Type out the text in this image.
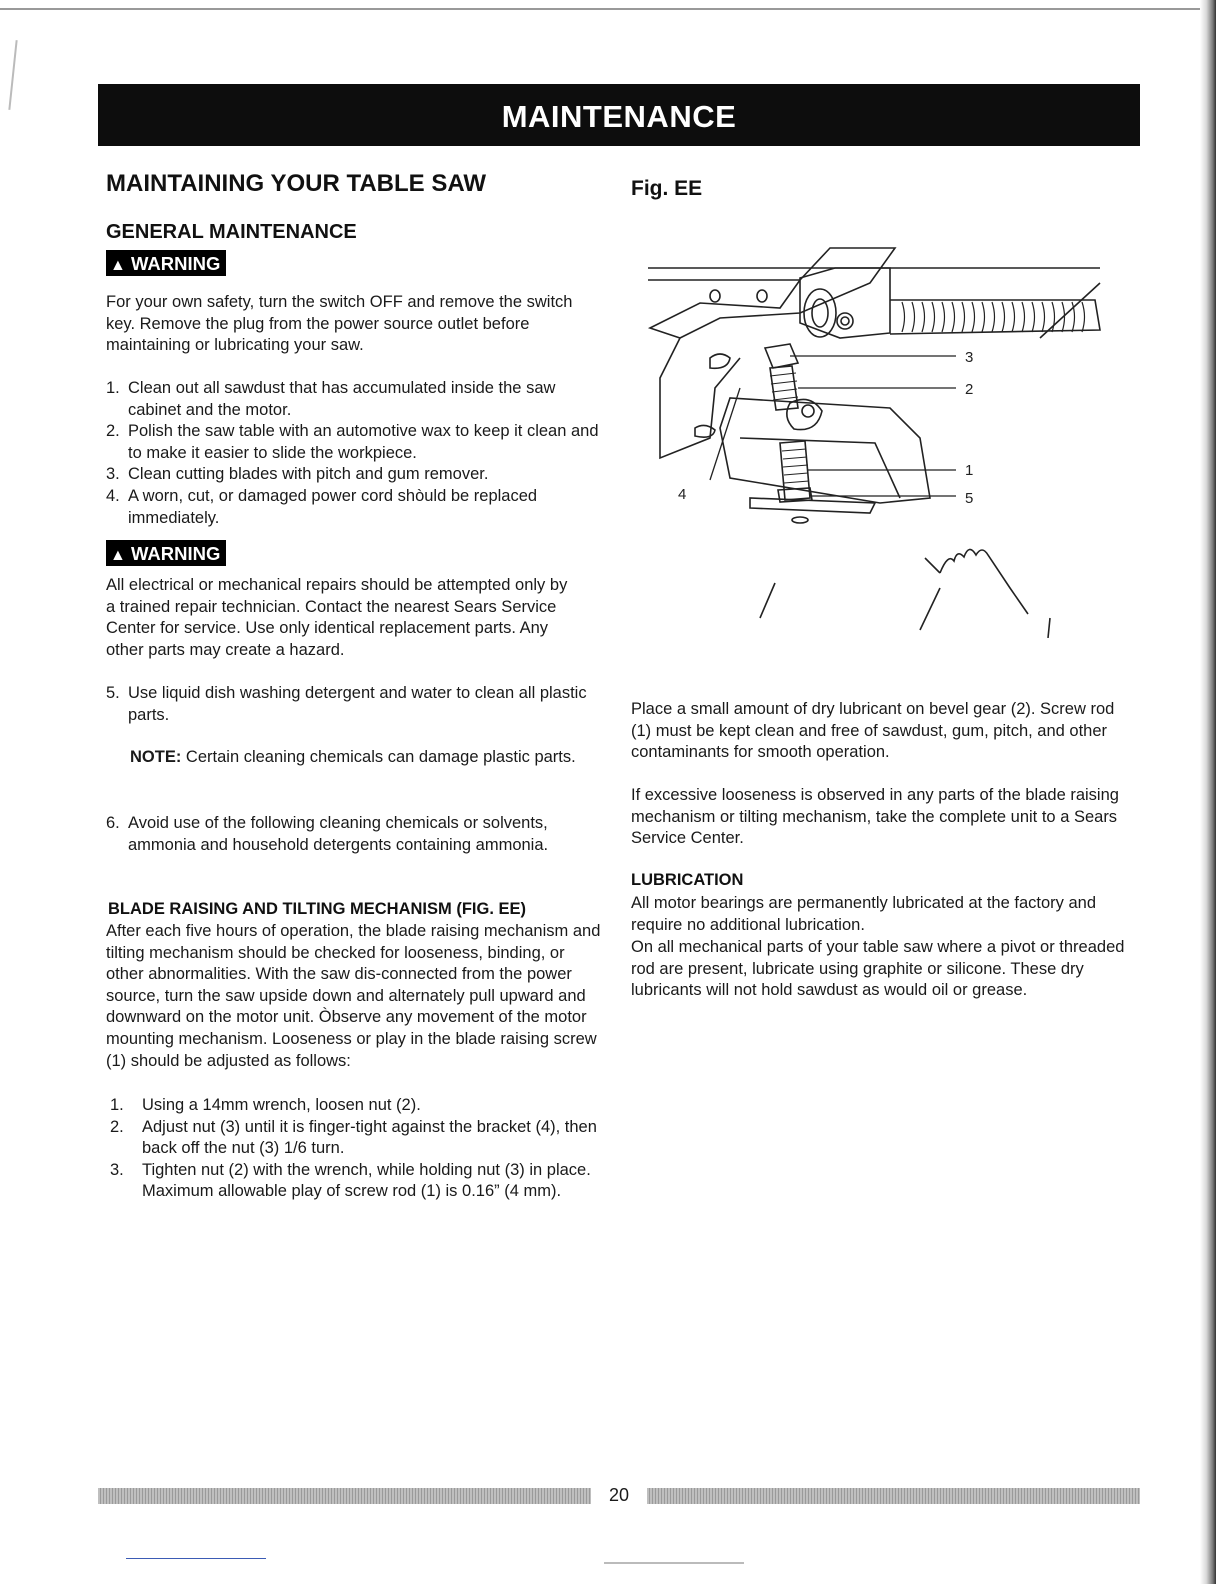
MAINTENANCE
MAINTAINING YOUR TABLE SAW	Fig. EE
GENERAL MAINTENANCE
▲ WARNING
For your own safety, turn the switch OFF and remove the switch key. Remove the plug from the power source outlet before maintaining or lubricating your saw.
1. Clean out all sawdust that has accumulated inside the saw cabinet and the motor.
2. Polish the saw table with an automotive wax to keep it clean and to make it easier to slide the workpiece.
3. Clean cutting blades with pitch and gum remover.
4. A worn, cut, or damaged power cord shòuld be replaced immediately.
▲ WARNING
All electrical or mechanical repairs should be attempted only by a trained repair technician. Contact the nearest Sears Service Center for service. Use only identical replacement parts. Any other parts may create a hazard.
5. Use liquid dish washing detergent and water to clean all plastic parts.
NOTE: Certain cleaning chemicals can damage plastic parts.
6. Avoid use of the following cleaning chemicals or solvents, ammonia and household detergents containing ammonia.
BLADE RAISING AND TILTING MECHANISM (FIG. EE)
After each five hours of operation, the blade raising mechanism and tilting mechanism should be checked for looseness, binding, or other abnormalities. With the saw dis-connected from the power source, turn the saw upside down and alternately pull upward and downward on the motor unit. Òbserve any movement of the motor mounting mechanism. Looseness or play in the blade raising screw (1) should be adjusted as follows:
1. Using a 14mm wrench, loosen nut (2).
2. Adjust nut (3) until it is finger-tight against the bracket (4), then back off the nut (3) 1/6 turn.
3. Tighten nut (2) with the wrench, while holding nut (3) in place. Maximum allowable play of screw rod (1) is 0.16” (4 mm).
3
2
1
5
4
Place a small amount of dry lubricant on bevel gear (2). Screw rod (1) must be kept clean and free of sawdust, gum, pitch, and other contaminants for smooth operation.
If excessive looseness is observed in any parts of the blade raising mechanism or tilting mechanism, take the complete unit to a Sears Service Center.
LUBRICATION
All motor bearings are permanently lubricated at the factory and require no additional lubrication.
On all mechanical parts of your table saw where a pivot or threaded rod are present, lubricate using graphite or silicone. These dry lubricants will not hold sawdust as would oil or grease.
20
